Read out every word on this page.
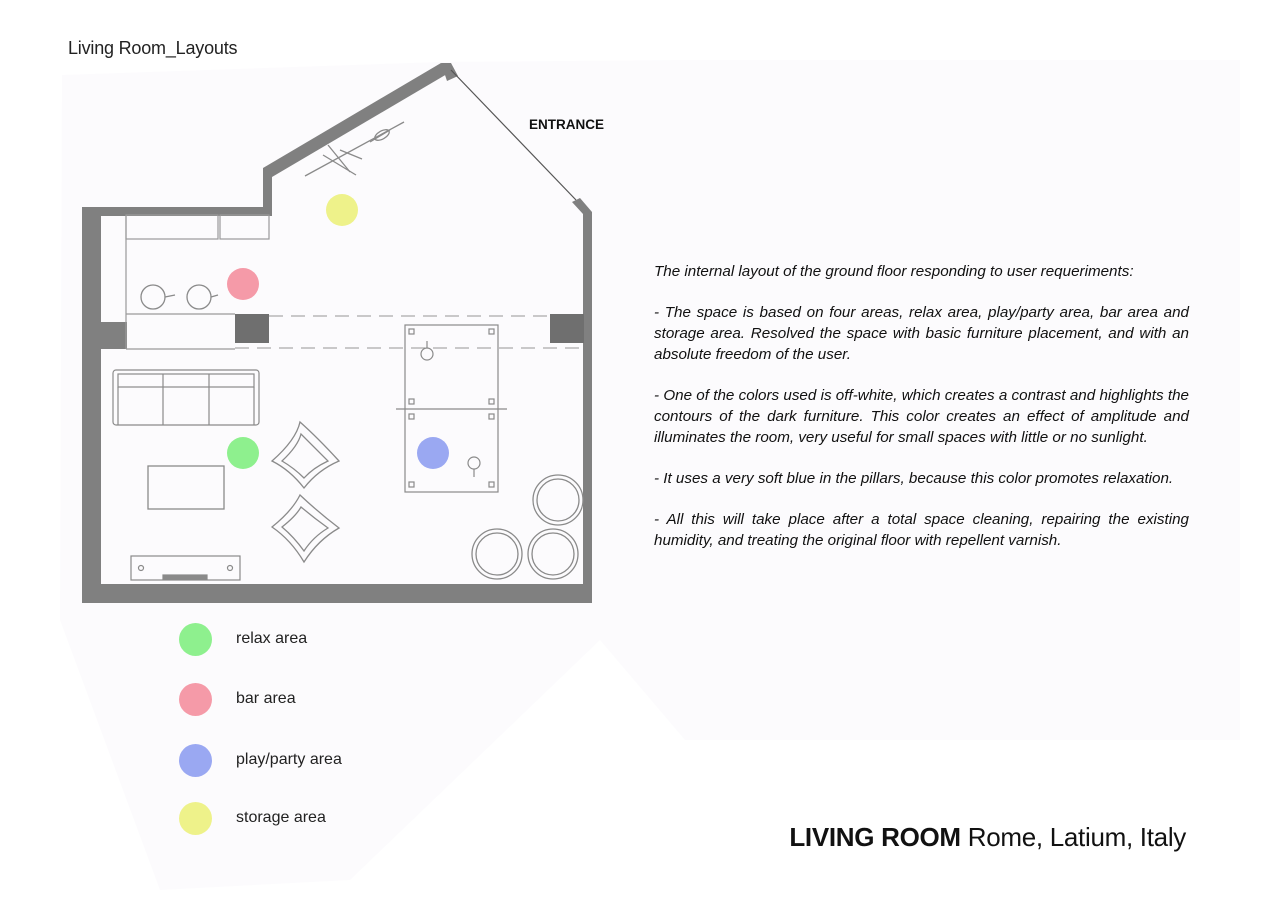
Living Room_Layouts
ENTRANCE
relax area
bar area
play/party area
storage area

The internal layout of the ground floor responding to user requeriments:

- The space is based on four areas, relax area, play/party area, bar area and storage area. Resolved the space with basic furniture placement, and with an absolute freedom of the user.

- One of the colors used is off-white, which creates a contrast and highlights the contours of the dark furniture. This color creates an effect of amplitude and illuminates the room, very useful for small spaces with little or no sunlight.

- It uses a very soft blue in the pillars, because this color promotes relaxation.

- All this will take place after a total space cleaning, repairing the existing humidity, and treating the original floor with repellent varnish.

LIVING ROOM Rome, Latium, Italy
